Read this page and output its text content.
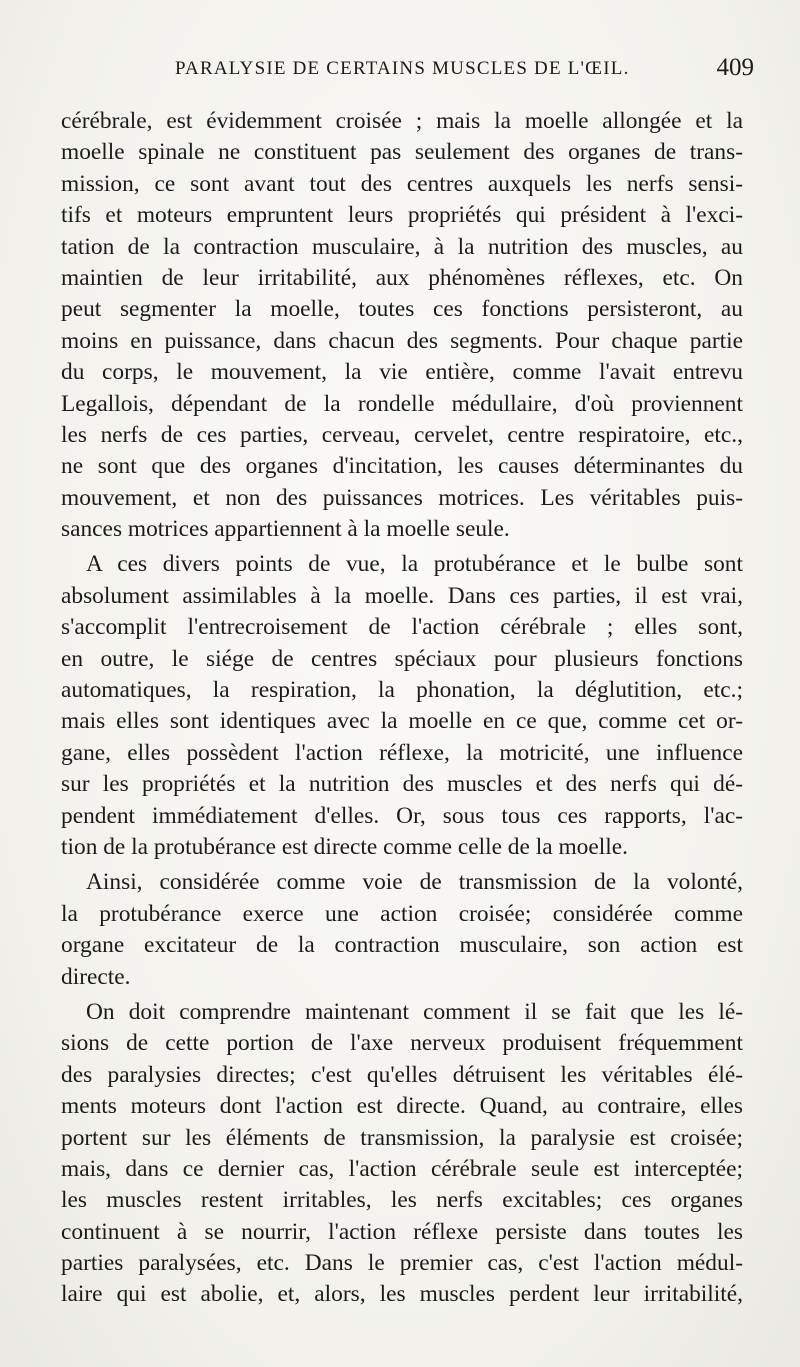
PARALYSIE DE CERTAINS MUSCLES DE L'ŒIL.	409
cérébrale, est évidemment croisée ; mais la moelle allongée et la
moelle spinale ne constituent pas seulement des organes de trans-
mission, ce sont avant tout des centres auxquels les nerfs sensi-
tifs et moteurs empruntent leurs propriétés qui président à l'exci-
tation de la contraction musculaire, à la nutrition des muscles, au
maintien de leur irritabilité, aux phénomènes réflexes, etc. On
peut segmenter la moelle, toutes ces fonctions persisteront, au
moins en puissance, dans chacun des segments. Pour chaque partie
du corps, le mouvement, la vie entière, comme l'avait entrevu
Legallois, dépendant de la rondelle médullaire, d'où proviennent
les nerfs de ces parties, cerveau, cervelet, centre respiratoire, etc.,
ne sont que des organes d'incitation, les causes déterminantes du
mouvement, et non des puissances motrices. Les véritables puis-
sances motrices appartiennent à la moelle seule.
A ces divers points de vue, la protubérance et le bulbe sont
absolument assimilables à la moelle. Dans ces parties, il est vrai,
s'accomplit l'entrecroisement de l'action cérébrale ; elles sont,
en outre, le siége de centres spéciaux pour plusieurs fonctions
automatiques, la respiration, la phonation, la déglutition, etc.;
mais elles sont identiques avec la moelle en ce que, comme cet or-
gane, elles possèdent l'action réflexe, la motricité, une influence
sur les propriétés et la nutrition des muscles et des nerfs qui dé-
pendent immédiatement d'elles. Or, sous tous ces rapports, l'ac-
tion de la protubérance est directe comme celle de la moelle.
Ainsi, considérée comme voie de transmission de la volonté,
la protubérance exerce une action croisée; considérée comme
organe excitateur de la contraction musculaire, son action est
directe.
On doit comprendre maintenant comment il se fait que les lé-
sions de cette portion de l'axe nerveux produisent fréquemment
des paralysies directes; c'est qu'elles détruisent les véritables élé-
ments moteurs dont l'action est directe. Quand, au contraire, elles
portent sur les éléments de transmission, la paralysie est croisée;
mais, dans ce dernier cas, l'action cérébrale seule est interceptée;
les muscles restent irritables, les nerfs excitables; ces organes
continuent à se nourrir, l'action réflexe persiste dans toutes les
parties paralysées, etc. Dans le premier cas, c'est l'action médul-
laire qui est abolie, et, alors, les muscles perdent leur irritabilité,
